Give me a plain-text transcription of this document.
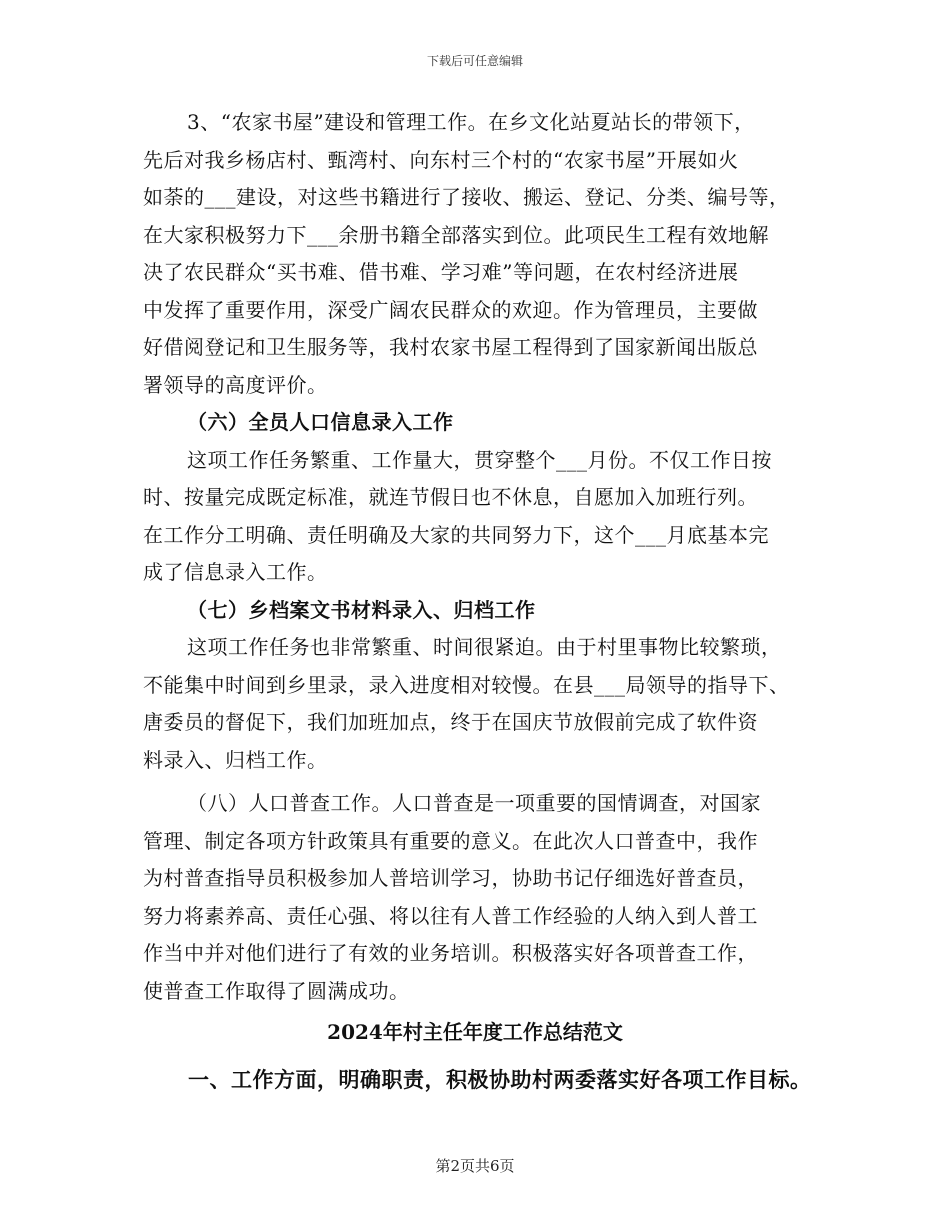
下载后可任意编辑
3、“农家书屋”建设和管理工作。在乡文化站夏站长的带领下，
先后对我乡杨店村、甄湾村、向东村三个村的“农家书屋”开展如火
如荼的___建设，对这些书籍进行了接收、搬运、登记、分类、编号等，
在大家积极努力下___余册书籍全部落实到位。此项民生工程有效地解
决了农民群众“买书难、借书难、学习难”等问题，在农村经济进展
中发挥了重要作用，深受广阔农民群众的欢迎。作为管理员，主要做
好借阅登记和卫生服务等，我村农家书屋工程得到了国家新闻出版总
署领导的高度评价。
（六）全员人口信息录入工作
这项工作任务繁重、工作量大，贯穿整个___月份。不仅工作日按
时、按量完成既定标准，就连节假日也不休息，自愿加入加班行列。
在工作分工明确、责任明确及大家的共同努力下，这个___月底基本完
成了信息录入工作。
（七）乡档案文书材料录入、归档工作
这项工作任务也非常繁重、时间很紧迫。由于村里事物比较繁琐，
不能集中时间到乡里录，录入进度相对较慢。在县___局领导的指导下、
唐委员的督促下，我们加班加点，终于在国庆节放假前完成了软件资
料录入、归档工作。
（八）人口普查工作。人口普查是一项重要的国情调查，对国家
管理、制定各项方针政策具有重要的意义。在此次人口普查中，我作
为村普查指导员积极参加人普培训学习，协助书记仔细选好普查员，
努力将素养高、责任心强、将以往有人普工作经验的人纳入到人普工
作当中并对他们进行了有效的业务培训。积极落实好各项普查工作，
使普查工作取得了圆满成功。
2024年村主任年度工作总结范文
一、工作方面，明确职责，积极协助村两委落实好各项工作目标。
第2页共6页
